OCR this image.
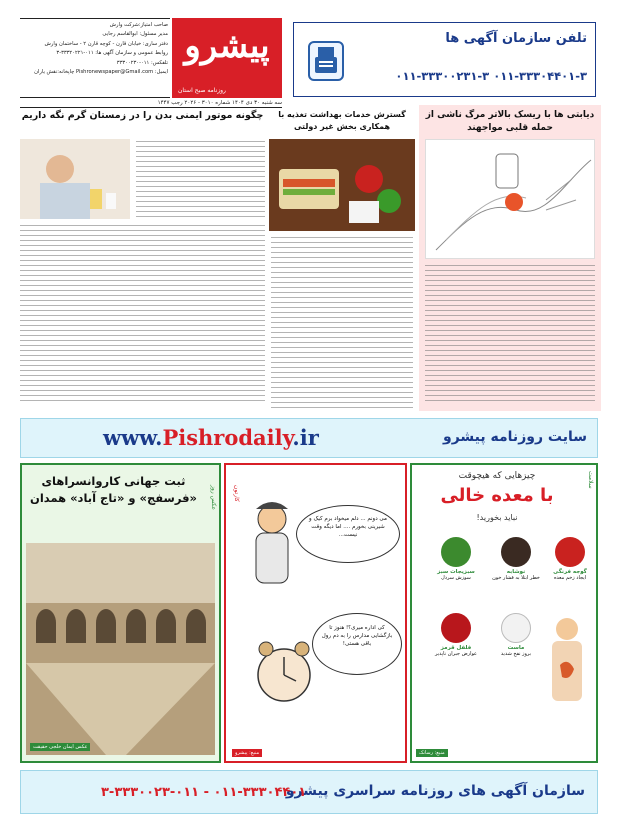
تلفن سازمان آگهی ها
۰۱۱-۳۳۳۰۴۴۰۱-۳ ۰۱۱-۳۳۳۰۰۲۳۱-۳
پیشرو
روزنامه صبح استان
صاحب امتیاز:شرکت وارش
مدیر مسئول: ابوالقاسم رجایی
دفتر ساری: خیابان قارن - کوچه قارن ۲ - ساختمان وارش
روابط عمومی و سازمان آگهی ها: ۰۱۱-۳۳۳۲۰۲۲۱-۳
تلفکس: ۰۱۱-۳۳۳۰۰۲۳۰
ایمیل: Pishronewspaper@Gmail.com چاپخانه:نقش یاران
سه شنبه ۳۰ دی ۱۴۰۴ شماره ۳۰۱۰ - ۲۰۲۶ رجب ۱۴۴۷
دیابتی ها با ریسک بالاتر مرگ ناشی از حمله قلبی مواجهند
گسترش خدمات بهداشت تغذیه با همکاری بخش غیر دولتی
چگونه موتور ایمنی بدن را در زمستان گرم نگه داریم
سایت روزنامه پیشرو
www.Pishrodaily.ir
ثبت جهانی کاروانسراهای «فرسفج» و «تاج آباد» همدان	عکس روز
عکس ایمان خلجی حقیقت
کارتون
می دونم ... دلم میخواد برم کیک و شیرینی بخورم .... اما دیگه وقت نیست...
کی اداره میری؟! هنوز تا بازگشایی مدارس را به دم رول باقی هستی!
منبع: پیشرو
سلامت
چیزهایی که هیچوقت
با معده خالی
نباید بخورید!
گوجه فرنگی
ایجاد زخم معده
نوشابه
خطر ابتلا به فشار خون
سبزیجات سبز
سوزش سردل
ماست
بروز نفخ شدید
فلفل قرمز
عوارض جبران ناپذیر
منبع: رسانک
سازمان آگهی های روزنامه سراسری پیشرو
۰۱۱-۳۳۳۰۴۴۰۱ - ۳-۳۳۳۰۰۲۳-۰۱۱
